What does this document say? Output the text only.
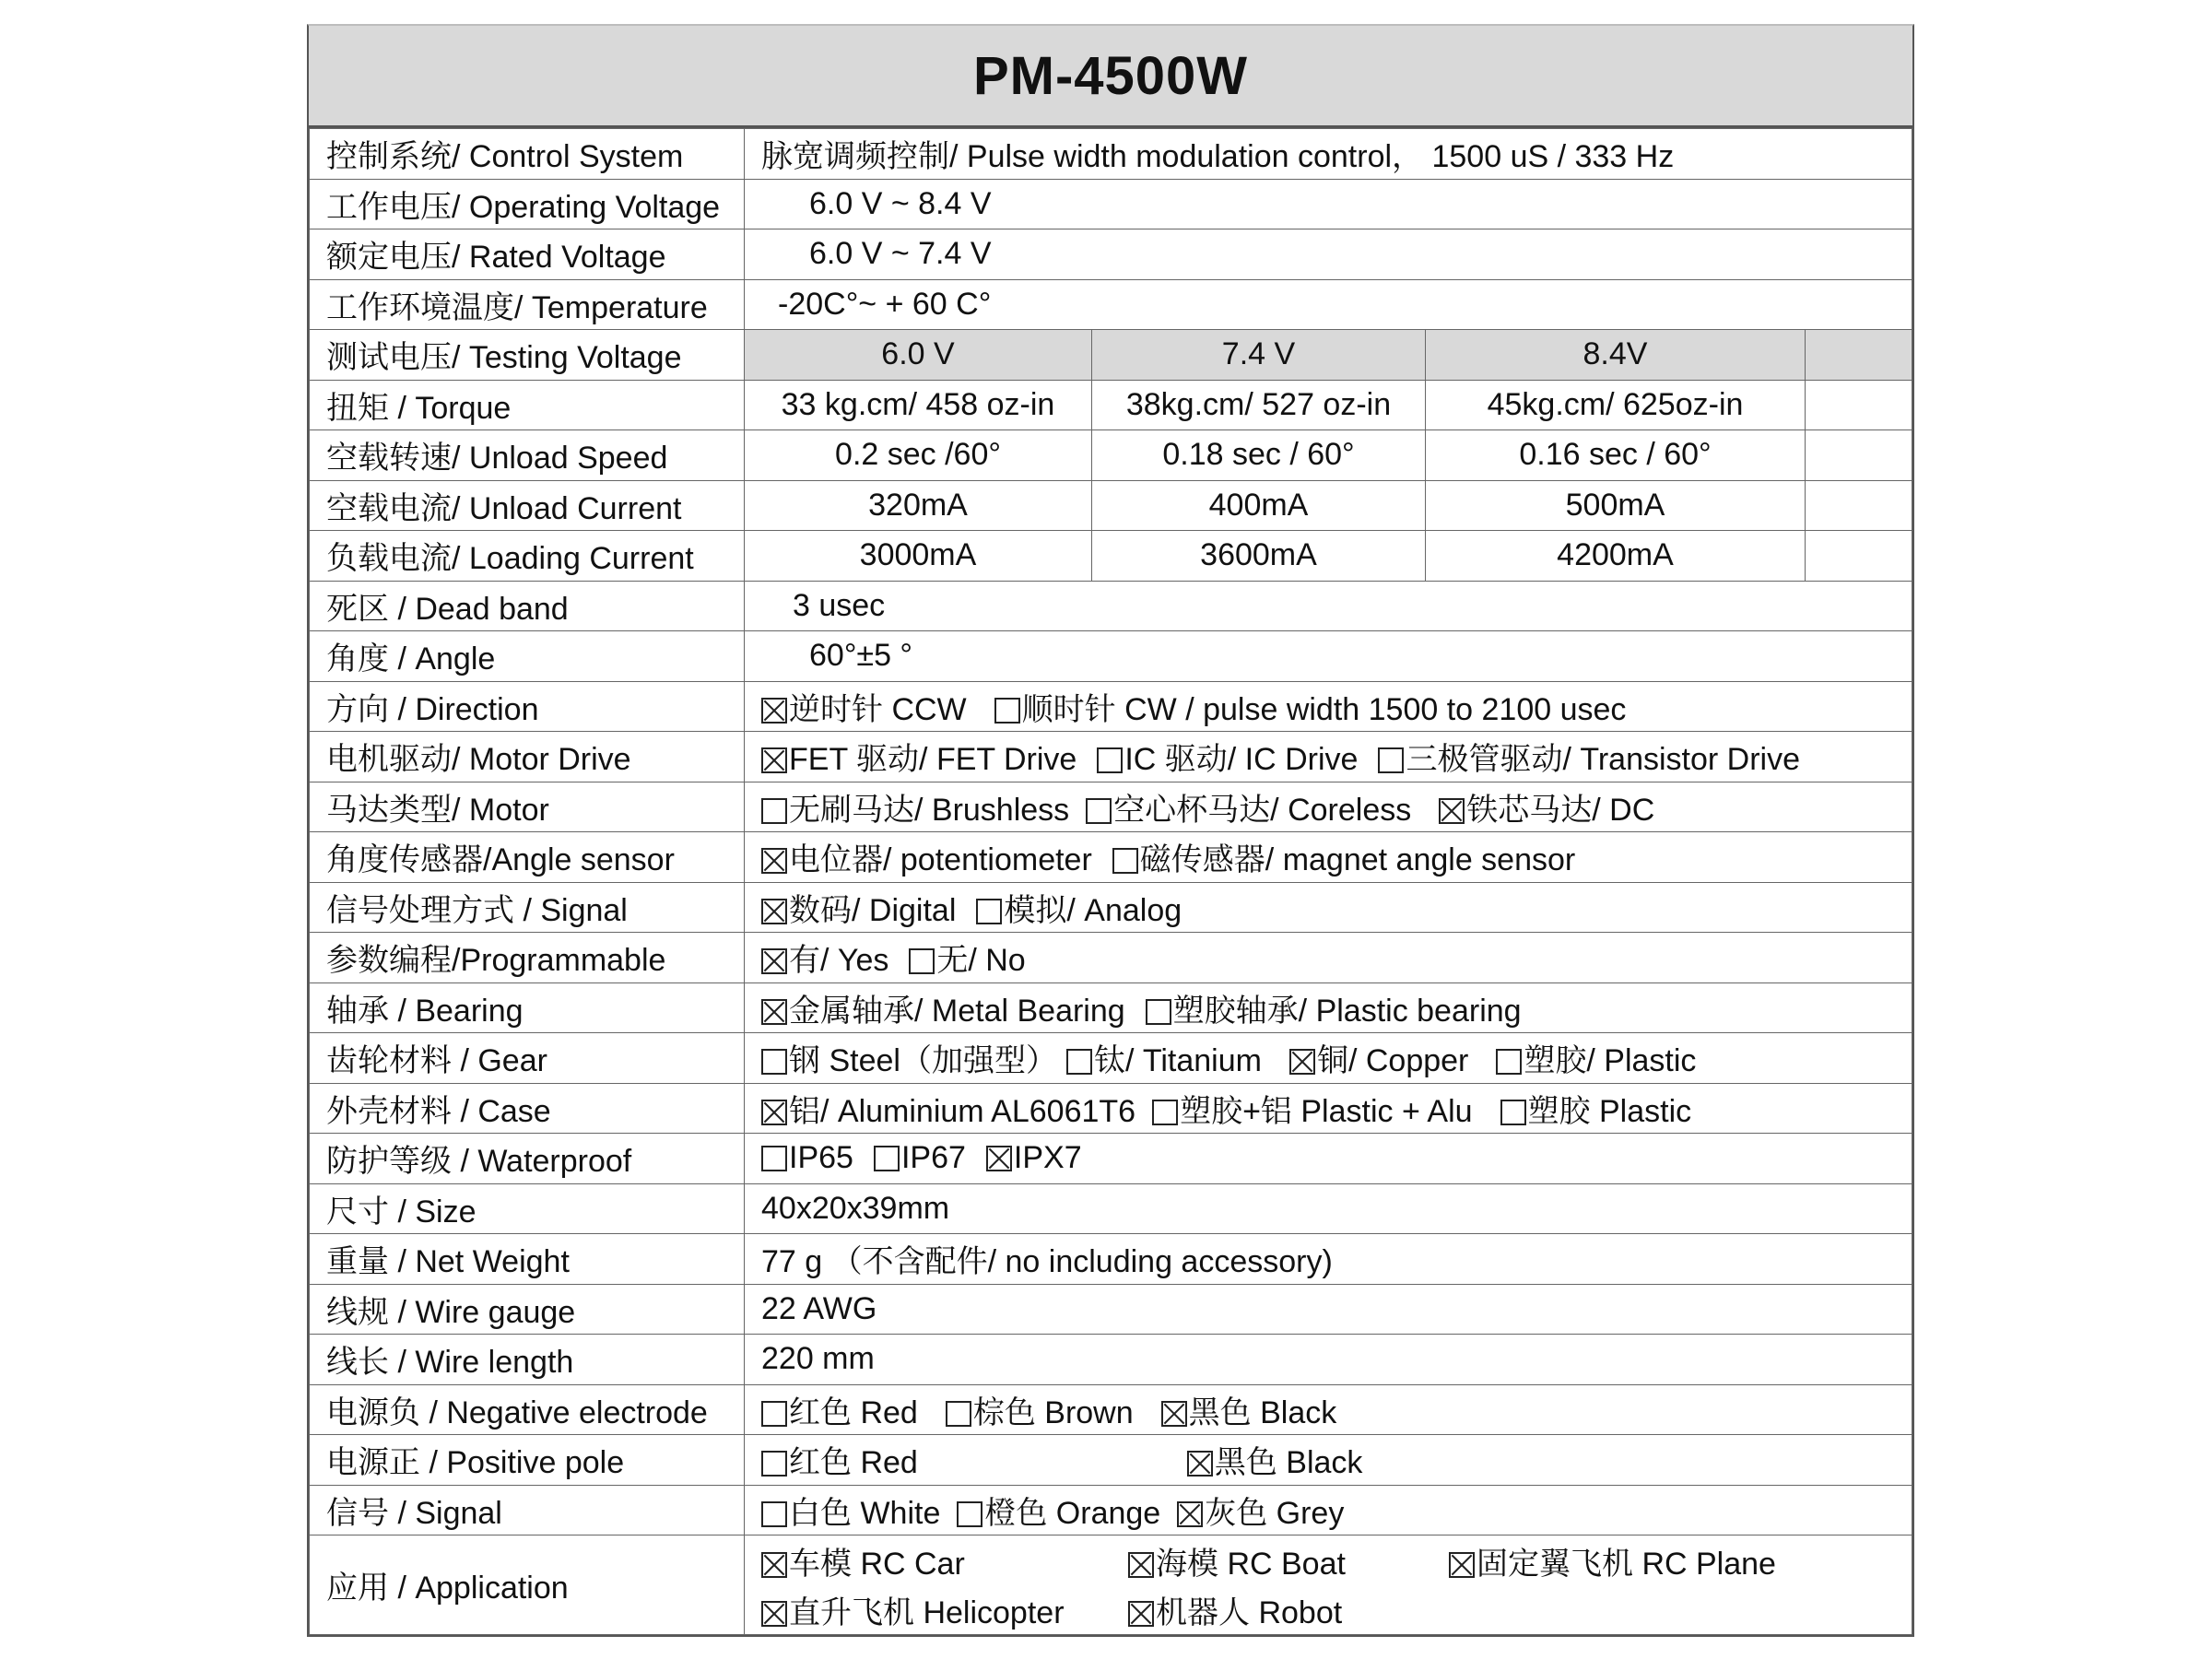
PM-4500W
控制系统/ Control System	脉宽调频控制/ Pulse width modulation control， 1500 uS / 333 Hz			
工作电压/ Operating Voltage	6.0 V ~ 8.4 V			
额定电压/ Rated Voltage	6.0 V ~ 7.4 V			
工作环境温度/ Temperature	-20C°~ + 60 C°			
测试电压/ Testing Voltage	6.0 V	7.4 V	8.4V	
扭矩 / Torque	33 kg.cm/ 458 oz-in	38kg.cm/ 527 oz-in	45kg.cm/ 625oz-in	
空载转速/ Unload Speed	0.2 sec /60°	0.18 sec / 60°	0.16 sec / 60°	
空载电流/ Unload Current	320mA	400mA	500mA	
负载电流/ Loading Current	3000mA	3600mA	4200mA	
死区 / Dead band	3 usec			
角度 / Angle	60°±5 °			
方向 / Direction	逆时针 CCW 顺时针 CW / pulse width 1500 to 2100 usec			
电机驱动/ Motor Drive	FET 驱动/ FET Drive IC 驱动/ IC Drive 三极管驱动/ Transistor Drive			
马达类型/ Motor	无刷马达/ Brushless 空心杯马达/ Coreless 铁芯马达/ DC			
角度传感器/Angle sensor	电位器/ potentiometer 磁传感器/ magnet angle sensor			
信号处理方式 / Signal	数码/ Digital 模拟/ Analog			
参数编程/Programmable	有/ Yes 无/ No			
轴承 / Bearing	金属轴承/ Metal Bearing 塑胶轴承/ Plastic bearing			
齿轮材料 / Gear	钢 Steel（加强型） 钛/ Titanium 铜/ Copper 塑胶/ Plastic			
外壳材料 / Case	铝/ Aluminium AL6061T6 塑胶+铝 Plastic + Alu 塑胶 Plastic			
防护等级 / Waterproof	IP65 IP67 IPX7			
尺寸 / Size	40x20x39mm			
重量 / Net Weight	77 g （不含配件/ no including accessory)			
线规 / Wire gauge	22 AWG			
线长 / Wire length	220 mm			
电源负 / Negative electrode	红色 Red 棕色 Brown 黑色 Black			
电源正 / Positive pole	红色 Red 黑色 Black			
信号 / Signal	白色 White 橙色 Orange 灰色 Grey			
应用 / Application	车模 RC Car 海模 RC Boat 固定翼飞机 RC Plane
直升飞机 Helicopter 机器人 Robot			
